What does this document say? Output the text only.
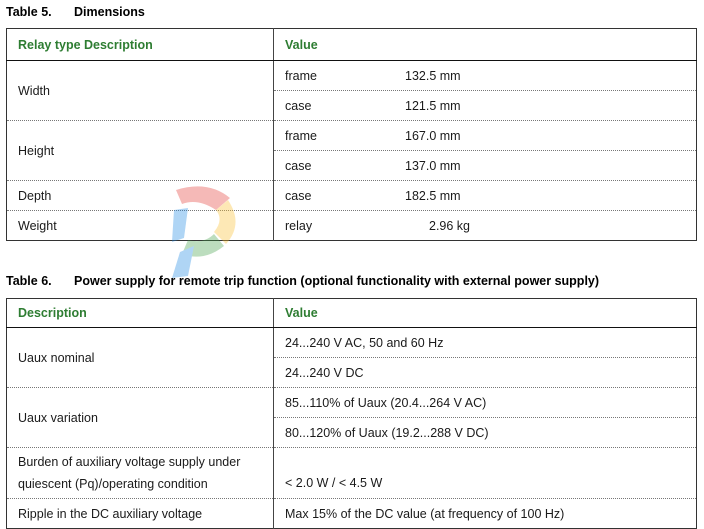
Table 5. Dimensions
Relay type Description	Value
Width	frame 132.5 mm
	case 121.5 mm
Height	frame 167.0 mm
	case 137.0 mm
Depth	case 182.5 mm
Weight	relay 2.96 kg
Table 6. Power supply for remote trip function (optional functionality with external power supply)
Description	Value
Uaux nominal	24...240 V AC, 50 and 60 Hz
	24...240 V DC
Uaux variation	85...110% of Uaux (20.4...264 V AC)
	80...120% of Uaux (19.2...288 V DC)
Burden of auxiliary voltage supply under quiescent (Pq)/operating condition	< 2.0 W / < 4.5 W
Ripple in the DC auxiliary voltage	Max 15% of the DC value (at frequency of 100 Hz)
